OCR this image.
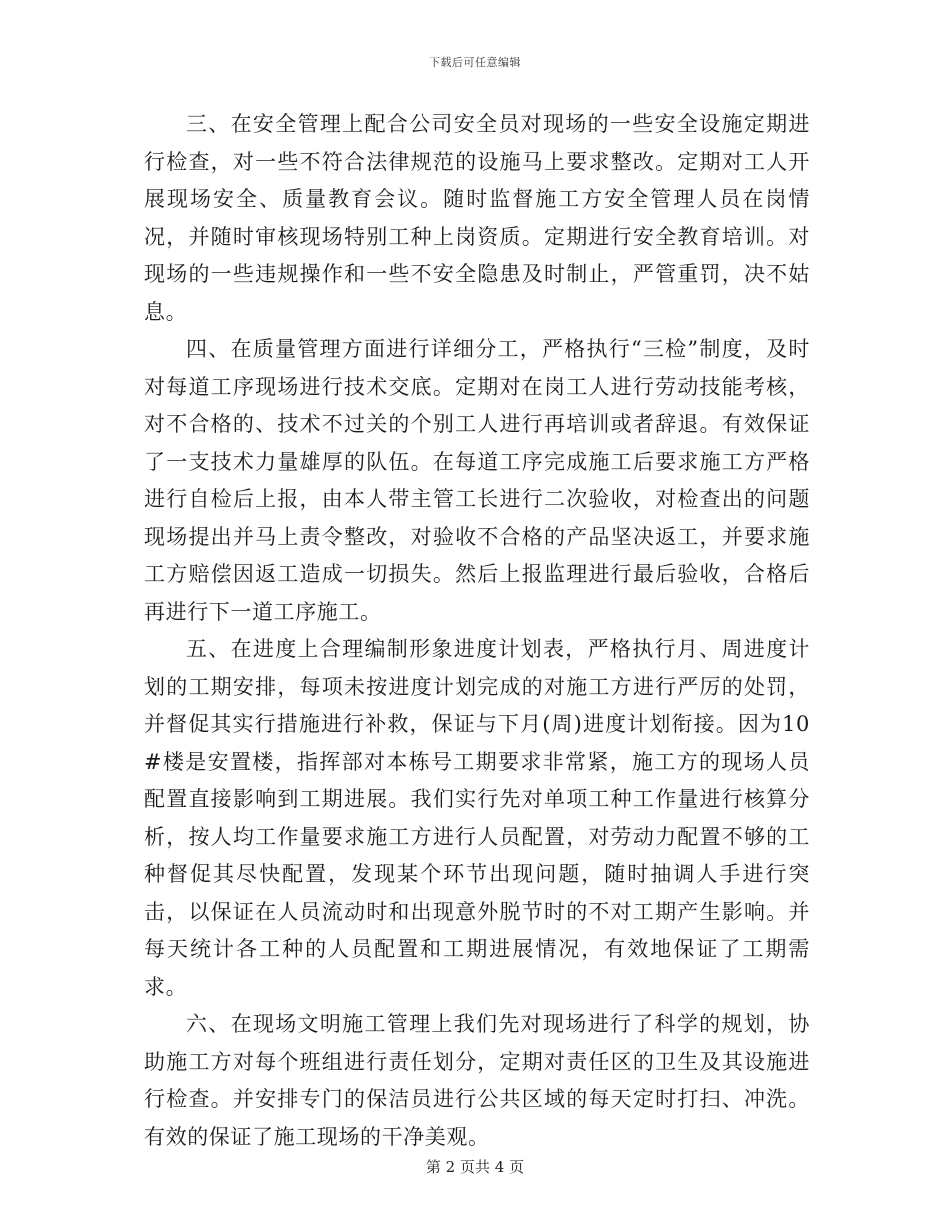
下载后可任意编辑

三、在安全管理上配合公司安全员对现场的一些安全设施定期进行检查，对一些不符合法律规范的设施马上要求整改。定期对工人开展现场安全、质量教育会议。随时监督施工方安全管理人员在岗情况，并随时审核现场特别工种上岗资质。定期进行安全教育培训。对现场的一些违规操作和一些不安全隐患及时制止，严管重罚，决不姑息。

四、在质量管理方面进行详细分工，严格执行“三检”制度，及时对每道工序现场进行技术交底。定期对在岗工人进行劳动技能考核，对不合格的、技术不过关的个别工人进行再培训或者辞退。有效保证了一支技术力量雄厚的队伍。在每道工序完成施工后要求施工方严格进行自检后上报，由本人带主管工长进行二次验收，对检查出的问题现场提出并马上责令整改，对验收不合格的产品坚决返工，并要求施工方赔偿因返工造成一切损失。然后上报监理进行最后验收，合格后再进行下一道工序施工。

五、在进度上合理编制形象进度计划表，严格执行月、周进度计划的工期安排，每项未按进度计划完成的对施工方进行严厉的处罚，并督促其实行措施进行补救，保证与下月(周)进度计划衔接。因为10#楼是安置楼，指挥部对本栋号工期要求非常紧，施工方的现场人员配置直接影响到工期进展。我们实行先对单项工种工作量进行核算分析，按人均工作量要求施工方进行人员配置，对劳动力配置不够的工种督促其尽快配置，发现某个环节出现问题，随时抽调人手进行突击，以保证在人员流动时和出现意外脱节时的不对工期产生影响。并每天统计各工种的人员配置和工期进展情况，有效地保证了工期需求。

六、在现场文明施工管理上我们先对现场进行了科学的规划，协助施工方对每个班组进行责任划分，定期对责任区的卫生及其设施进行检查。并安排专门的保洁员进行公共区域的每天定时打扫、冲洗。有效的保证了施工现场的干净美观。

第 2 页共 4 页
